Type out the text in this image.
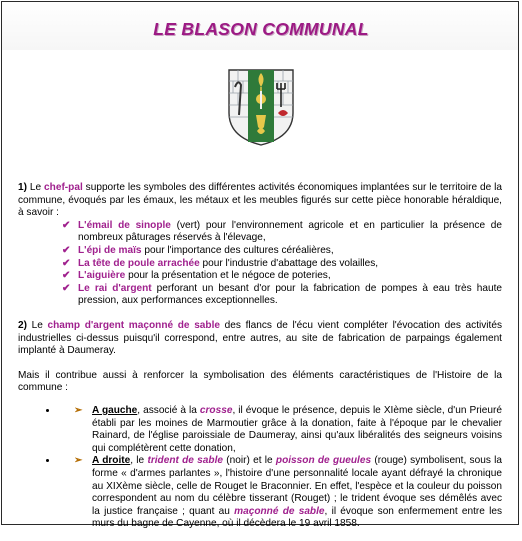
LE BLASON COMMUNAL

1) Le chef-pal supporte les symboles des différentes activités économiques implantées sur le territoire de la commune, évoqués par les émaux, les métaux et les meubles figurés sur cette pièce honorable héraldique, à savoir :

✔ L'émail de sinople (vert) pour l'environnement agricole et en particulier la présence de nombreux pâturages réservés à l'élevage,
✔ L'épi de maïs pour l'importance des cultures céréalières,
✔ La tête de poule arrachée pour l'industrie d'abattage des volailles,
✔ L'aiguière pour la présentation et le négoce de poteries,
✔ Le rai d'argent perforant un besant d'or pour la fabrication de pompes à eau très haute pression, aux performances exceptionnelles.

2) Le champ d'argent maçonné de sable des flancs de l'écu vient compléter l'évocation des activités industrielles ci-dessus puisqu'il correspond, entre autres, au site de fabrication de parpaings également implanté à Daumeray.

Mais il contribue aussi à renforcer la symbolisation des éléments caractéristiques de l'Histoire de la commune :

• ➢ A gauche, associé à la crosse, il évoque le présence, depuis le XIème siècle, d'un Prieuré établi par les moines de Marmoutier grâce à la donation, faite à l'époque par le chevalier Rainard, de l'église paroissiale de Daumeray, ainsi qu'aux libéralités des seigneurs voisins qui complétèrent cette donation,
• ➢ A droite, le trident de sable (noir) et le poisson de gueules (rouge) symbolisent, sous la forme « d'armes parlantes », l'histoire d'une personnalité locale ayant défrayé la chronique au XIXème siècle, celle de Rouget le Braconnier. En effet, l'espèce et la couleur du poisson correspondent au nom du célèbre tisserant (Rouget) ; le trident évoque ses démêlés avec la justice française ; quant au maçonné de sable, il évoque son enfermement entre les murs du bagne de Cayenne, où il décèdera le 19 avril 1858.
